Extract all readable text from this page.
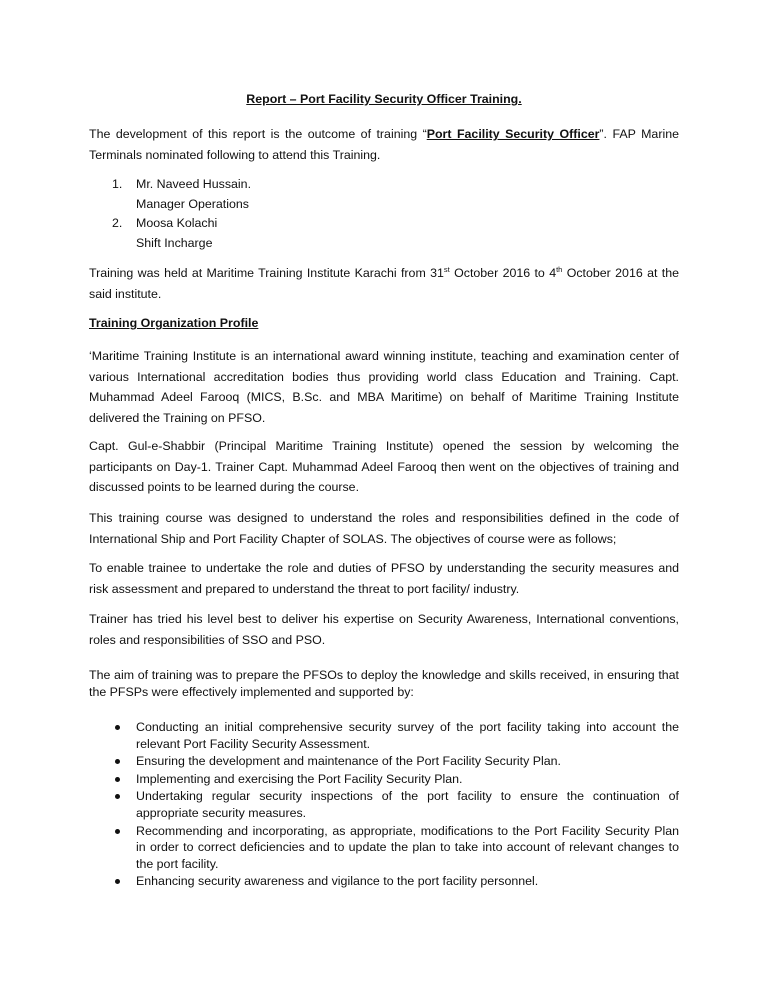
Report – Port Facility Security Officer Training.

The development of this report is the outcome of training “Port Facility Security Officer”. FAP Marine Terminals nominated following to attend this Training.

1.	Mr. Naveed Hussain.
Manager Operations
2.	Moosa Kolachi
Shift Incharge

Training was held at Maritime Training Institute Karachi from 31st October 2016 to 4th October 2016 at the said institute.

Training Organization Profile

‘Maritime Training Institute is an international award winning institute, teaching and examination center of various International accreditation bodies thus providing world class Education and Training. Capt. Muhammad Adeel Farooq (MICS, B.Sc. and MBA Maritime) on behalf of Maritime Training Institute delivered the Training on PFSO.

Capt. Gul-e-Shabbir (Principal Maritime Training Institute) opened the session by welcoming the participants on Day-1. Trainer Capt. Muhammad Adeel Farooq then went on the objectives of training and discussed points to be learned during the course.

This training course was designed to understand the roles and responsibilities defined in the code of International Ship and Port Facility Chapter of SOLAS. The objectives of course were as follows;

To enable trainee to undertake the role and duties of PFSO by understanding the security measures and risk assessment and prepared to understand the threat to port facility/ industry.

Trainer has tried his level best to deliver his expertise on Security Awareness, International conventions, roles and responsibilities of SSO and PSO.

The aim of training was to prepare the PFSOs to deploy the knowledge and skills received, in ensuring that the PFSPs were effectively implemented and supported by:

Conducting an initial comprehensive security survey of the port facility taking into account the relevant Port Facility Security Assessment.
Ensuring the development and maintenance of the Port Facility Security Plan.
Implementing and exercising the Port Facility Security Plan.
Undertaking regular security inspections of the port facility to ensure the continuation of appropriate security measures.
Recommending and incorporating, as appropriate, modifications to the Port Facility Security Plan in order to correct deficiencies and to update the plan to take into account of relevant changes to the port facility.
Enhancing security awareness and vigilance to the port facility personnel.
